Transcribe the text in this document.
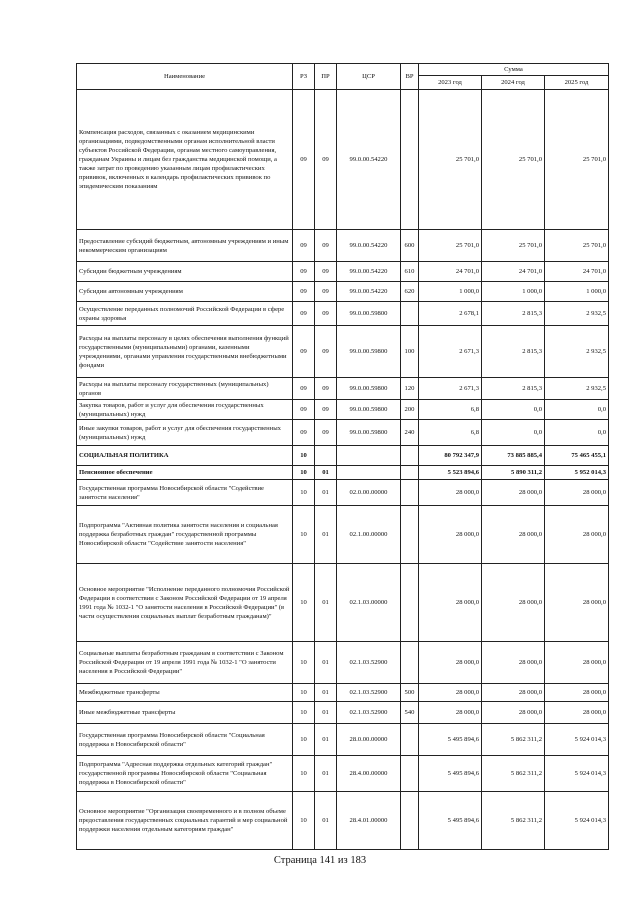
Наименование	РЗ	ПР	ЦСР	ВР	Сумма		
					2023 год	2024 год	2025 год
Компенсация расходов, связанных с оказанием медицинскими организациями, подведомственными органам исполнительной власти субъектов Российской Федерации, органам местного самоуправления, гражданам Украины и лицам без гражданства медицинской помощи, а также затрат по проведению указанным лицам профилактических прививок, включенных в календарь профилактических прививок по эпидемическим показаниям	09	09	99.0.00.54220		25 701,0	25 701,0	25 701,0
Предоставление субсидий бюджетным, автономным учреждениям и иным некоммерческим организациям	09	09	99.0.00.54220	600	25 701,0	25 701,0	25 701,0
Субсидии бюджетным учреждениям	09	09	99.0.00.54220	610	24 701,0	24 701,0	24 701,0
Субсидии автономным учреждениям	09	09	99.0.00.54220	620	1 000,0	1 000,0	1 000,0
Осуществление переданных полномочий Российской Федерации в сфере охраны здоровья	09	09	99.0.00.59800		2 678,1	2 815,3	2 932,5
Расходы на выплаты персоналу в целях обеспечения выполнения функций государственными (муниципальными) органами, казенными учреждениями, органами управления государственными внебюджетными фондами	09	09	99.0.00.59800	100	2 671,3	2 815,3	2 932,5
Расходы на выплаты персоналу государственных (муниципальных) органов	09	09	99.0.00.59800	120	2 671,3	2 815,3	2 932,5
Закупка товаров, работ и услуг для обеспечения государственных (муниципальных) нужд	09	09	99.0.00.59800	200	6,8	0,0	0,0
Иные закупки товаров, работ и услуг для обеспечения государственных (муниципальных) нужд	09	09	99.0.00.59800	240	6,8	0,0	0,0
СОЦИАЛЬНАЯ ПОЛИТИКА	10				80 792 347,9	73 885 885,4	75 465 455,1
Пенсионное обеспечение	10	01			5 523 894,6	5 890 311,2	5 952 014,3
Государственная программа Новосибирской области "Содействие занятости населения"	10	01	02.0.00.00000		28 000,0	28 000,0	28 000,0
Подпрограмма "Активная политика занятости населения и социальная поддержка безработных граждан" государственной программы Новосибирской области "Содействие занятости населения"	10	01	02.1.00.00000		28 000,0	28 000,0	28 000,0
Основное мероприятие "Исполнение переданного полномочия Российской Федерации в соответствии с Законом Российской Федерации от 19 апреля 1991 года № 1032-1 "О занятости населения в Российской Федерации" (в части осуществления социальных выплат безработным гражданам)"	10	01	02.1.03.00000		28 000,0	28 000,0	28 000,0
Социальные выплаты безработным гражданам в соответствии с Законом Российской Федерации от 19 апреля 1991 года № 1032-1 "О занятости населения в Российской Федерации"	10	01	02.1.03.52900		28 000,0	28 000,0	28 000,0
Межбюджетные трансферты	10	01	02.1.03.52900	500	28 000,0	28 000,0	28 000,0
Иные межбюджетные трансферты	10	01	02.1.03.52900	540	28 000,0	28 000,0	28 000,0
Государственная программа Новосибирской области "Социальная поддержка в Новосибирской области"	10	01	28.0.00.00000		5 495 894,6	5 862 311,2	5 924 014,3
Подпрограмма "Адресная поддержка отдельных категорий граждан" государственной программы Новосибирской области "Социальная поддержка в Новосибирской области"	10	01	28.4.00.00000		5 495 894,6	5 862 311,2	5 924 014,3
Основное мероприятие "Организация своевременного и в полном объеме предоставления государственных социальных гарантий и мер социальной поддержки населения отдельным категориям граждан"	10	01	28.4.01.00000		5 495 894,6	5 862 311,2	5 924 014,3
Страница 141 из 183
